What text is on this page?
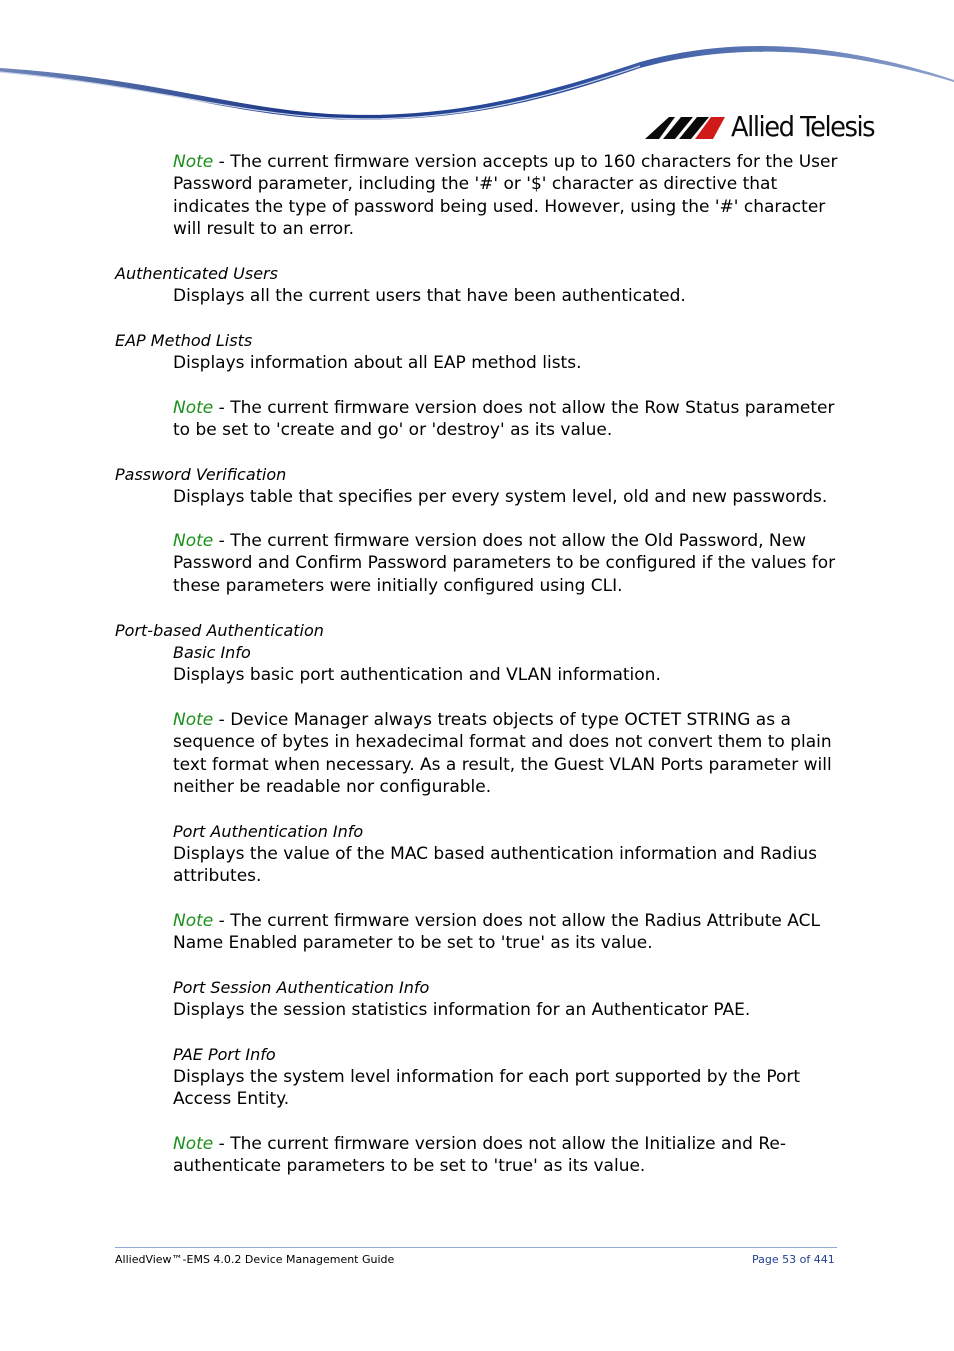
Allied Telesis
Note - The current firmware version accepts up to 160 characters for the User Password parameter, including the '#' or '$' character as directive that indicates the type of password being used. However, using the '#' character will result to an error.
Authenticated Users
Displays all the current users that have been authenticated.
EAP Method Lists
Displays information about all EAP method lists.
Note - The current firmware version does not allow the Row Status parameter to be set to 'create and go' or 'destroy' as its value.
Password Verification
Displays table that specifies per every system level, old and new passwords.
Note - The current firmware version does not allow the Old Password, New Password and Confirm Password parameters to be configured if the values for these parameters were initially configured using CLI.
Port-based Authentication
Basic Info
Displays basic port authentication and VLAN information.
Note - Device Manager always treats objects of type OCTET STRING as a sequence of bytes in hexadecimal format and does not convert them to plain text format when necessary. As a result, the Guest VLAN Ports parameter will neither be readable nor configurable.
Port Authentication Info
Displays the value of the MAC based authentication information and Radius attributes.
Note - The current firmware version does not allow the Radius Attribute ACL Name Enabled parameter to be set to 'true' as its value.
Port Session Authentication Info
Displays the session statistics information for an Authenticator PAE.
PAE Port Info
Displays the system level information for each port supported by the Port Access Entity.
Note - The current firmware version does not allow the Initialize and Re-authenticate parameters to be set to 'true' as its value.
AlliedView™-EMS 4.0.2 Device Management Guide	Page 53 of 441
